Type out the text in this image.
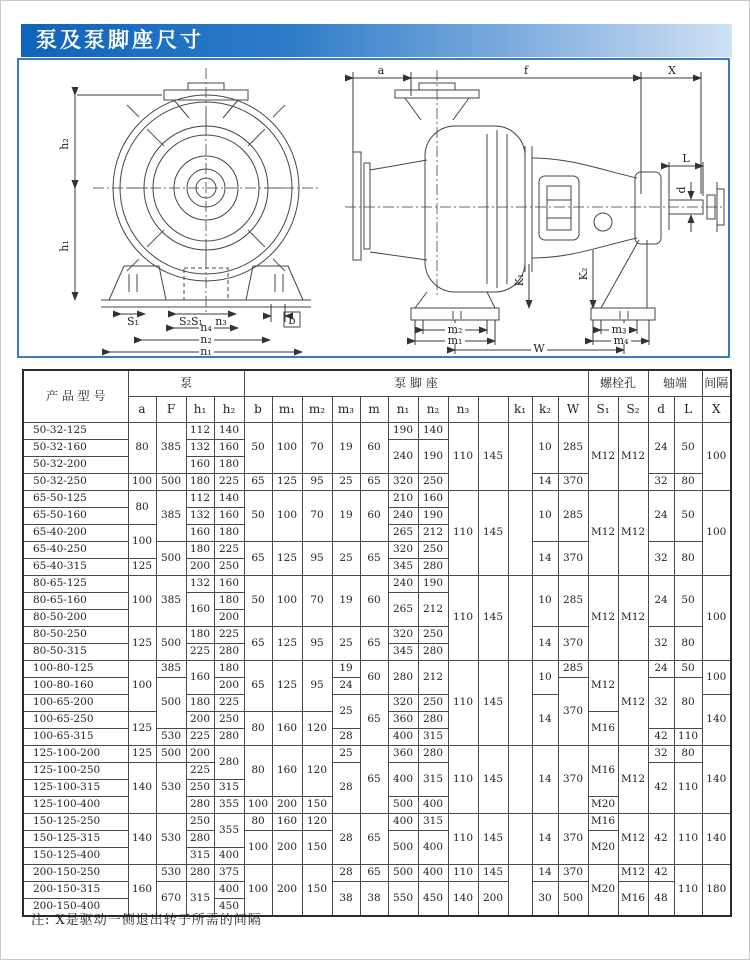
泵及泵脚座尺寸
h₂
h₁
S₁	S₂S₁ n₃
n₄
n₂
n₁
b
a	f	X
L
d
K₁	K₂
m₂
m₁
m₃
m₄
W
产 品 型 号	泵				泵 脚 座												螺栓孔		轴端		间隔
	a	F	h₁	h₂	b	m₁	m₂	m₃	m	n₁	n₂	n₃		k₁	k₂	W	S₁	S₂	d	L	X
50-32-125	80	385	112	140	50	100	70	19	60	190	140	110	145		10	285	M12	M12	24	50	100
50-32-160			132	160						240	190										
50-32-200			160	180																	
50-32-250	100	500	180	225	65	125	95	25	65	320	250				14	370			32	80	
65-50-125	80	385	112	140	50	100	70	19	60	210	160	110	145		10	285	M12	M12	24	50	100
65-50-160			132	160						240	190										
65-40-200	100		160	180						265	212										
65-40-250		500	180	225	65	125	95	25	65	320	250				14	370			32	80	
65-40-315	125		200	250						345	280										
80-65-125	100	385	132	160	50	100	70	19	60	240	190	110	145		10	285	M12	M12	24	50	100
80-65-160			160	180						265	212										
80-50-200				200																	
80-50-250	125	500	180	225	65	125	95	25	65	320	250				14	370			32	80	
80-50-315			225	280						345	280										
100-80-125	100	385	160	180	65	125	95	19	60	280	212	110	145		10	285	M12	M12	24	50	100
100-80-160		500		200				24								370			32	80	
100-65-200			180	225				25	65	320	250				14						140
100-65-250	125		200	250	80	160	120			360	280						M16				
100-65-315		530	225	280				28		400	315								42	110	
125-100-200	125	500	200	280	80	160	120	25	65	360	280	110	145		14	370	M16	M12	32	80	140
125-100-250	140	530	225					28		400	315								42	110	
125-100-315			250	315																	
125-100-400			280	355	100	200	150			500	400						M20				
150-125-250	140	530	250	355	80	160	120	28	65	400	315	110	145		14	370	M16	M12	42	110	140
150-125-315			280		100	200	150			500	400						M20				
150-125-400			315	400																	
200-150-250	160	530	280	375	100	200	150	28	65	500	400	110	145		14	370	M20	M12	42	110	180
200-150-315		670	315	400				38	38	550	450	140	200		30	500		M16	48		
200-150-400				450																	
注: X是驱动一侧退出转子所需的间隔
